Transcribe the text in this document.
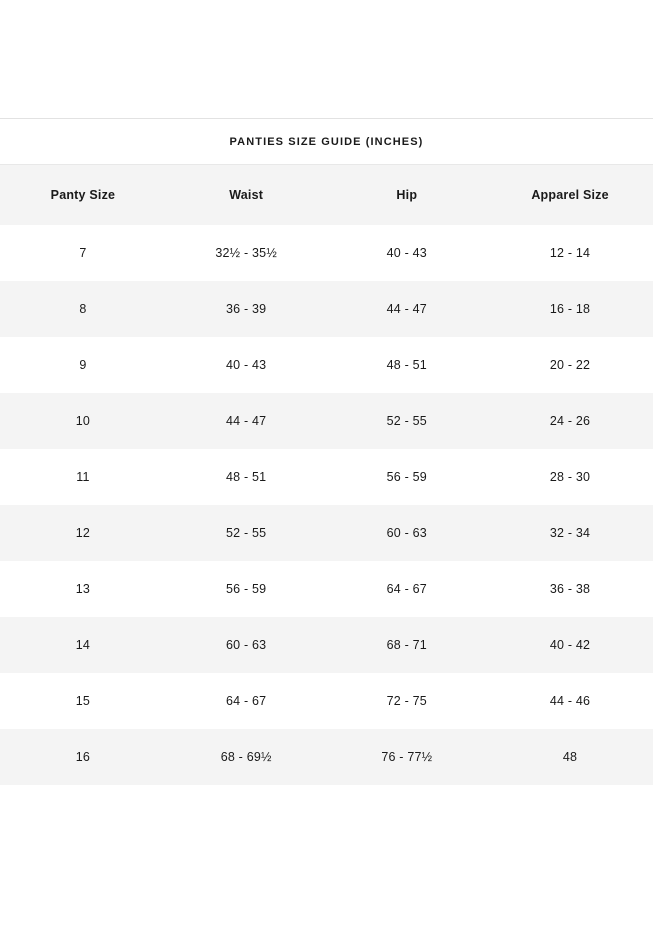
PANTIES SIZE GUIDE (INCHES)
Panty Size	Waist	Hip	Apparel Size
7	32½ - 35½	40 - 43	12 - 14
8	36 - 39	44 - 47	16 - 18
9	40 - 43	48 - 51	20 - 22
10	44 - 47	52 - 55	24 - 26
11	48 - 51	56 - 59	28 - 30
12	52 - 55	60 - 63	32 - 34
13	56 - 59	64 - 67	36 - 38
14	60 - 63	68 - 71	40 - 42
15	64 - 67	72 - 75	44 - 46
16	68 - 69½	76 - 77½	48
